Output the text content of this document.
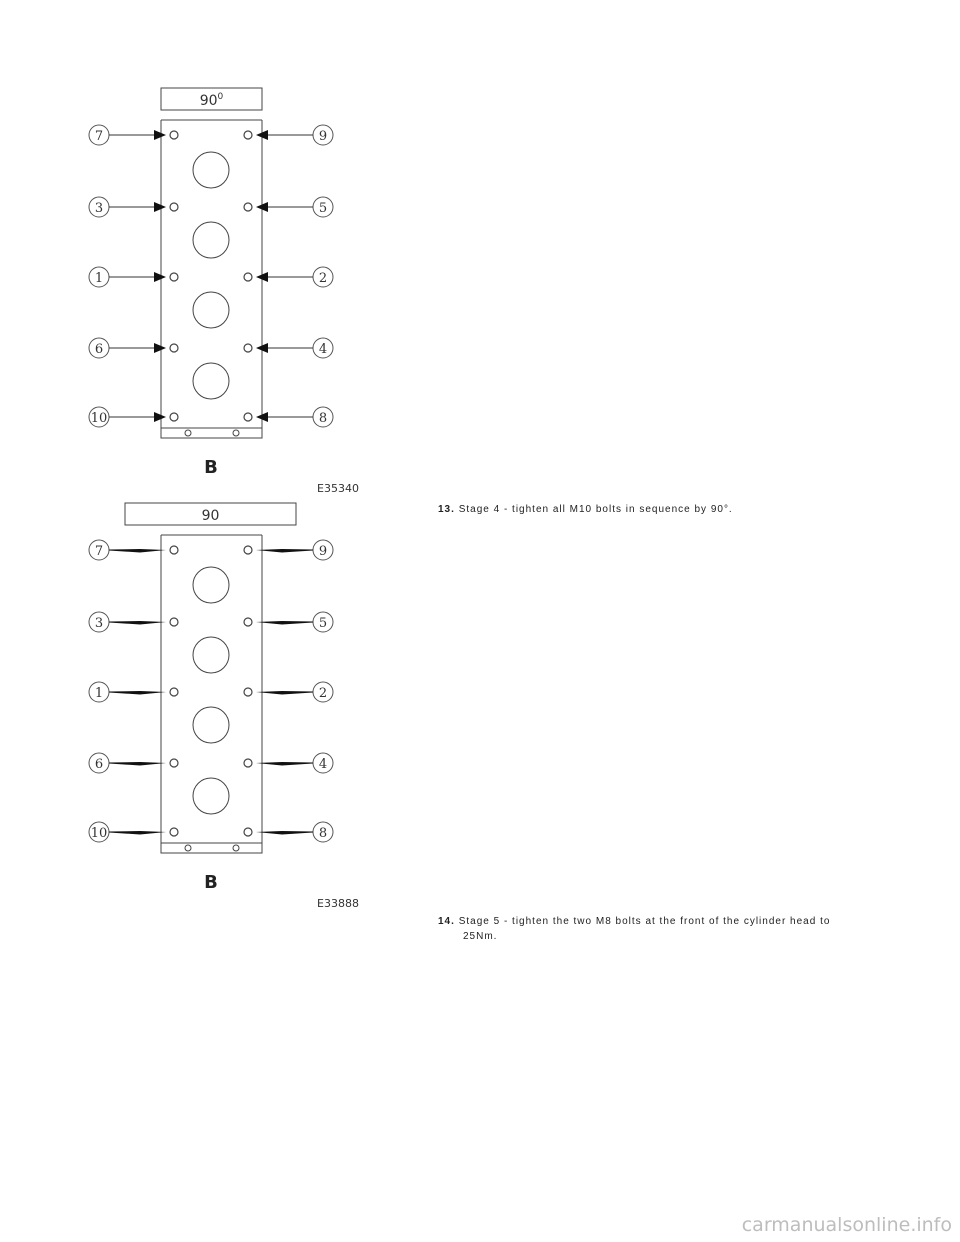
$90^0$
7	9
3	5
1	2
6	4
10	8
B
E35340
13. Stage 4 - tighten all M10 bolts in sequence by 90°.
90
7	9
3	5
1	2
6	4
10	8
B
E33888
14. Stage 5 - tighten the two M8 bolts at the front of the cylinder head to
25Nm.
carmanualsonline.info
